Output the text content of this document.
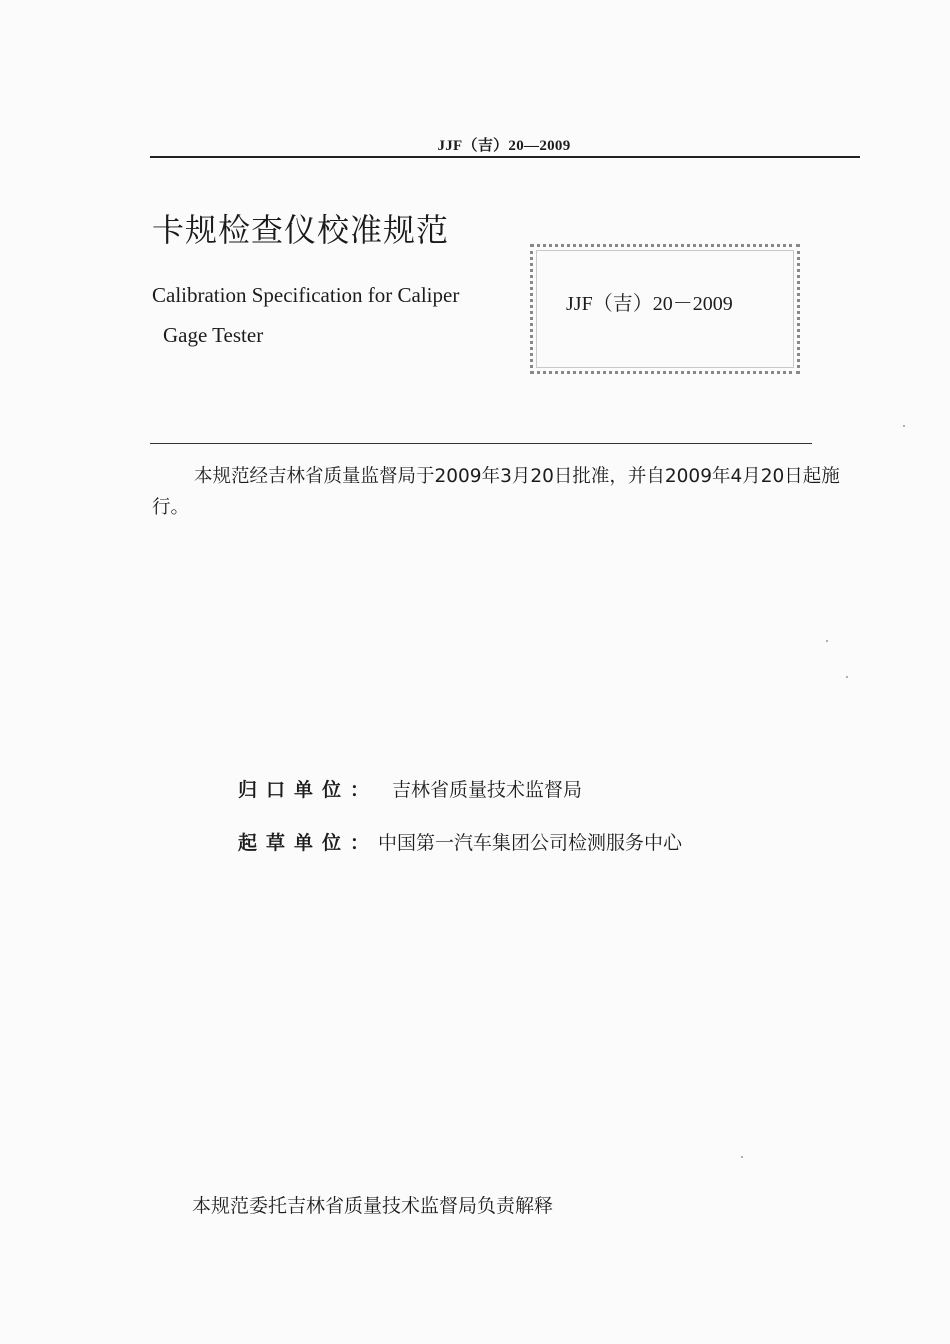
JJF（吉）20—2009
卡规检查仪校准规范
Calibration Specification for Caliper
Gage Tester
JJF（吉）20－2009
本规范经吉林省质量监督局于2009年3月20日批准，并自2009年4月20日起施行。
归口单位： 吉林省质量技术监督局
起草单位：中国第一汽车集团公司检测服务中心
本规范委托吉林省质量技术监督局负责解释
